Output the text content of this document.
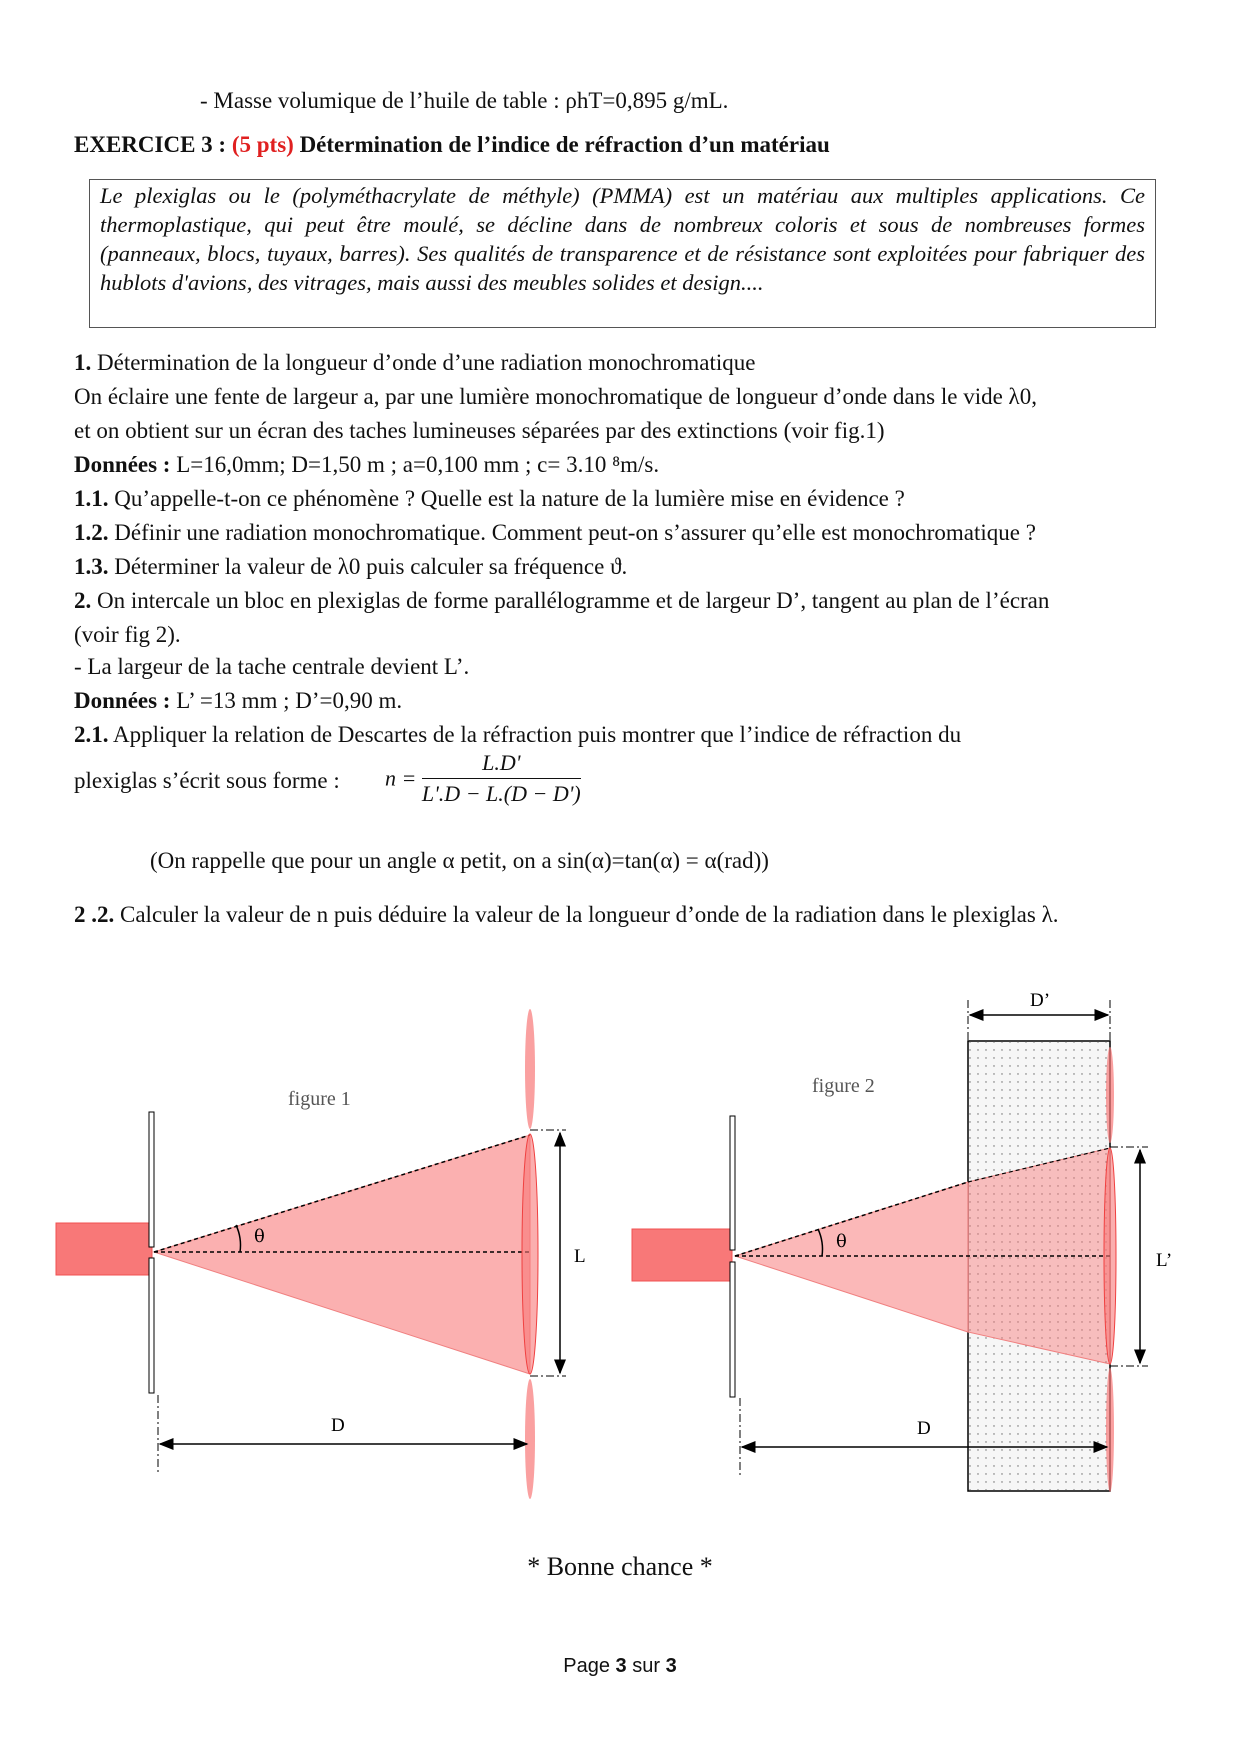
- Masse volumique de l’huile de table : ρhT=0,895 g/mL.
EXERCICE 3 : (5 pts) Détermination de l’indice de réfraction d’un matériau
Le plexiglas ou le (polyméthacrylate de méthyle) (PMMA) est un matériau aux multiples applications. Ce thermoplastique, qui peut être moulé, se décline dans de nombreux coloris et sous de nombreuses formes (panneaux, blocs, tuyaux, barres). Ses qualités de transparence et de résistance sont exploitées pour fabriquer des hublots d'avions, des vitrages, mais aussi des meubles solides et design....
1. Détermination de la longueur d’onde d’une radiation monochromatique
On éclaire une fente de largeur a, par une lumière monochromatique de longueur d’onde dans le vide λ0,
et on obtient sur un écran des taches lumineuses séparées par des extinctions (voir fig.1)
Données : L=16,0mm; D=1,50 m ; a=0,100 mm ; c= 3.10 ⁸m/s.
1.1. Qu’appelle-t-on ce phénomène ? Quelle est la nature de la lumière mise en évidence ?
1.2. Définir une radiation monochromatique. Comment peut-on s’assurer qu’elle est monochromatique ?
1.3. Déterminer la valeur de λ0 puis calculer sa fréquence ϑ.
2. On intercale un bloc en plexiglas de forme parallélogramme et de largeur D’, tangent au plan de l’écran
(voir fig 2).
- La largeur de la tache centrale devient L’.
Données : L’ =13 mm ; D’=0,90 m.
2.1. Appliquer la relation de Descartes de la réfraction puis montrer que l’indice de réfraction du
plexiglas s’écrit sous forme : $n = \frac{L.D'}{L'.D - L.(D - D')}$
(On rappelle que pour un angle α petit, on a sin(α)=tan(α) = α(rad))
2 .2. Calculer la valeur de n puis déduire la valeur de la longueur d’onde de la radiation dans le plexiglas λ.
θ
L
D
figure 1
θ
L’
D
D’
figure 2
* Bonne chance *
Page 3 sur 3
